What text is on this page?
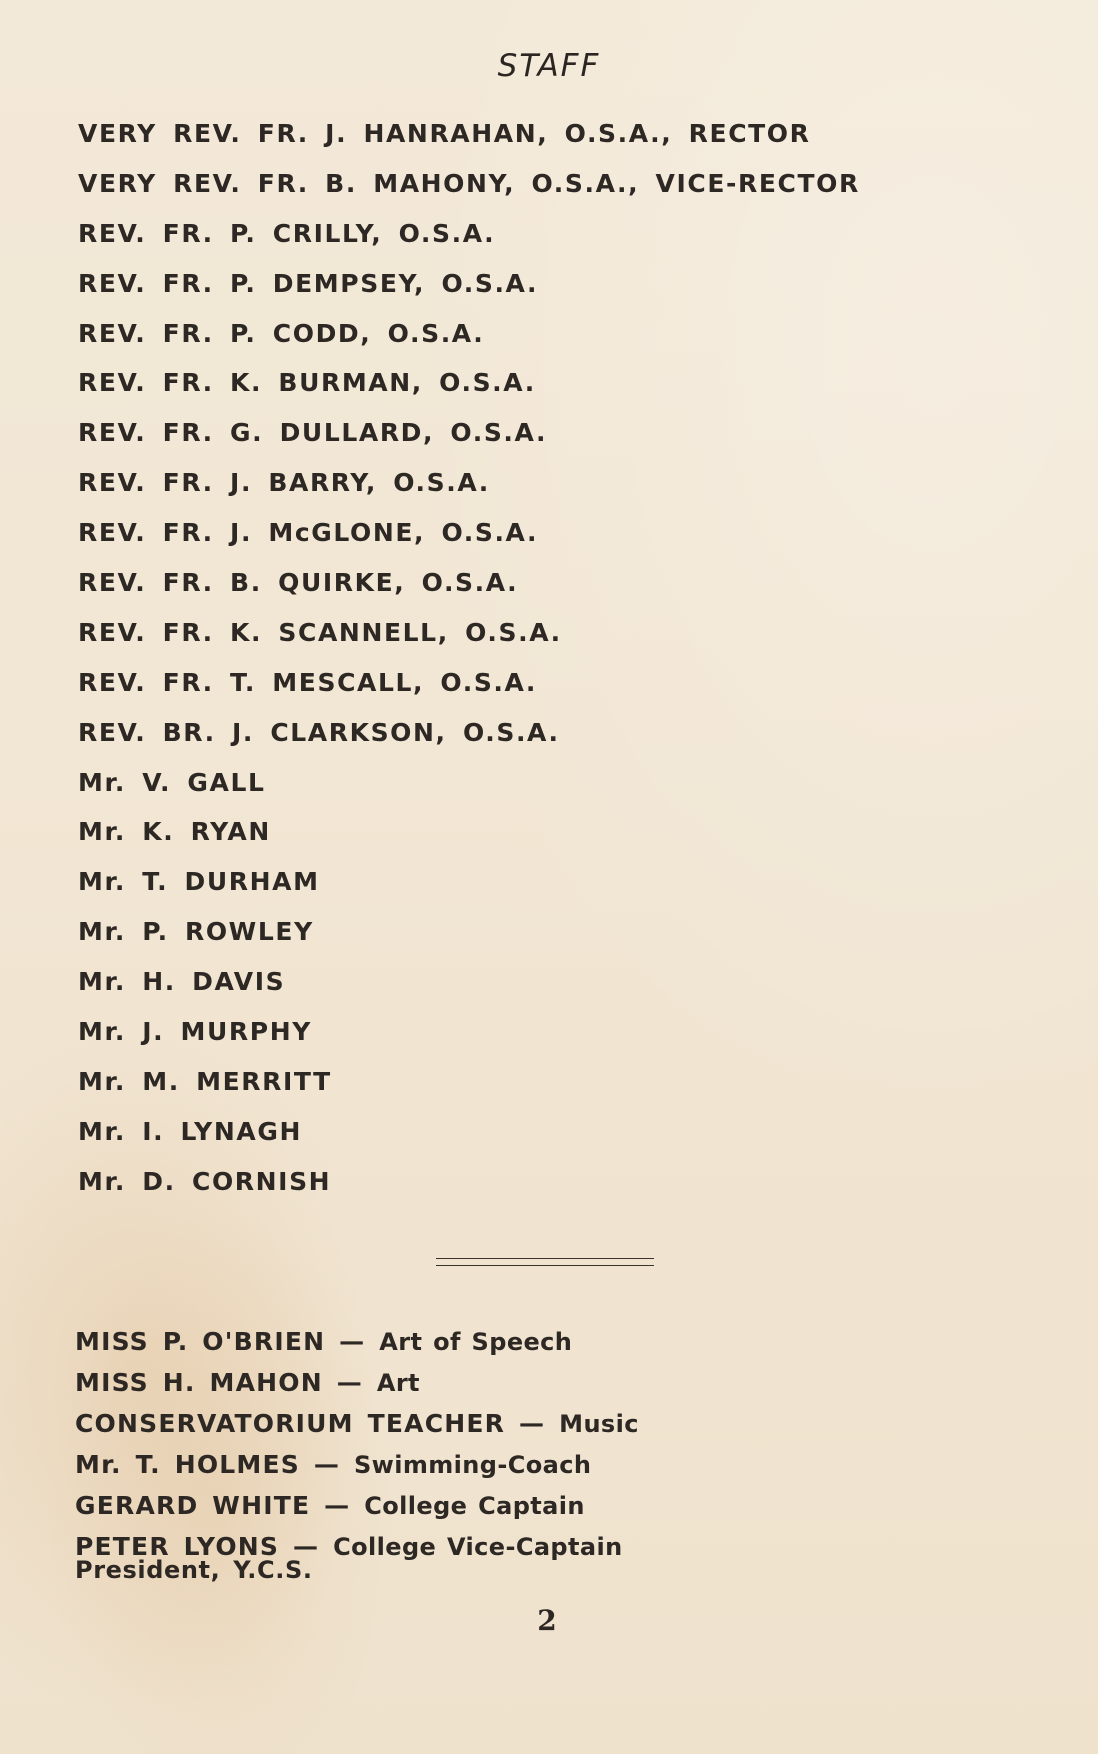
STAFF
VERY REV. FR. J. HANRAHAN, O.S.A., RECTOR
VERY REV. FR. B. MAHONY, O.S.A., VICE-RECTOR
REV. FR. P. CRILLY, O.S.A.
REV. FR. P. DEMPSEY, O.S.A.
REV. FR. P. CODD, O.S.A.
REV. FR. K. BURMAN, O.S.A.
REV. FR. G. DULLARD, O.S.A.
REV. FR. J. BARRY, O.S.A.
REV. FR. J. McGLONE, O.S.A.
REV. FR. B. QUIRKE, O.S.A.
REV. FR. K. SCANNELL, O.S.A.
REV. FR. T. MESCALL, O.S.A.
REV. BR. J. CLARKSON, O.S.A.
Mr. V. GALL
Mr. K. RYAN
Mr. T. DURHAM
Mr. P. ROWLEY
Mr. H. DAVIS
Mr. J. MURPHY
Mr. M. MERRITT
Mr. I. LYNAGH
Mr. D. CORNISH
MISS P. O'BRIEN — Art of Speech
MISS H. MAHON — Art
CONSERVATORIUM TEACHER — Music
Mr. T. HOLMES — Swimming-Coach
GERARD WHITE — College Captain
PETER LYONS — College Vice-Captain
President, Y.C.S.
2
